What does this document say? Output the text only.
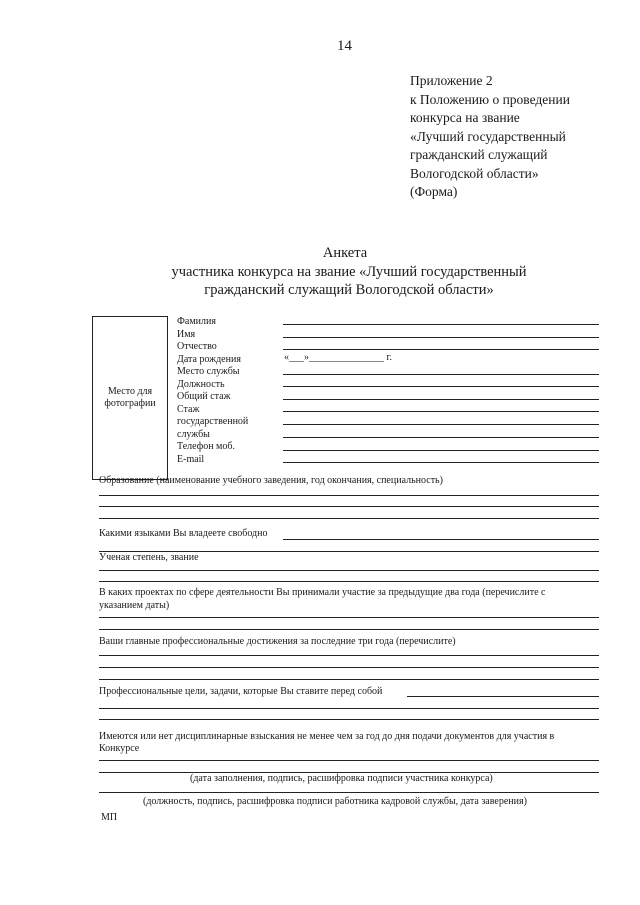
14
Приложение 2
к Положению о проведении
конкурса на звание
«Лучший государственный
гражданский служащий
Вологодской области»
(Форма)
Анкета
участника конкурса на звание «Лучший государственный
гражданский служащий Вологодской области»
Место для
фотографии
Фамилия
Имя
Отчество
Дата рождения
Место службы
Должность
Общий стаж
Стаж
государственной
службы
Телефон моб.
E-mail
«___»_______________ г.
Образование (наименование учебного заведения, год окончания, специальность)
Какими языками Вы владеете свободно
Ученая степень, звание
В каких проектах по сфере деятельности Вы принимали участие за предыдущие два года (перечислите с
указанием даты)
Ваши главные профессиональные достижения за последние три года (перечислите)
Профессиональные цели, задачи, которые Вы ставите перед собой
Имеются или нет дисциплинарные взыскания не менее чем за год до дня подачи документов для участия в
Конкурсе
(дата заполнения, подпись, расшифровка подписи участника конкурса)
(должность, подпись, расшифровка подписи работника кадровой службы, дата заверения)
МП
